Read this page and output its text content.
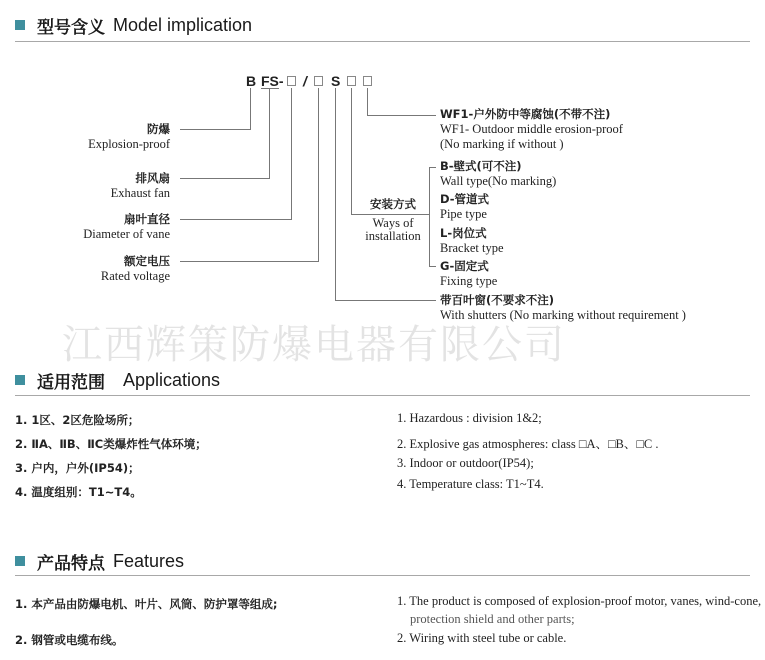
型号含义 Model implication
江西辉策防爆电器有限公司
B FS- / S
防爆
Explosion-proof
排风扇
Exhaust fan
扇叶直径
Diameter of vane
额定电压
Rated voltage
WF1-户外防中等腐蚀(不带不注)
WF1- Outdoor middle erosion-proof
(No marking if without )
安装方式
Ways of
installation
B-壁式(可不注)
Wall type(No marking)
D-管道式
Pipe type
L-岗位式
Bracket type
G-固定式
Fixing type
带百叶窗(不要求不注)
With shutters (No marking without requirement )
适用范围 Applications
1. 1区、2区危险场所；
2. ⅡA、ⅡB、ⅡC类爆炸性气体环境；
3. 户内，户外(IP54)；
4. 温度组别：T1~T4。
1. Hazardous : division 1&2;
2. Explosive gas atmospheres: class □A、□B、□C .
3. Indoor or outdoor(IP54);
4. Temperature class: T1~T4.
产品特点 Features
1. 本产品由防爆电机、叶片、风筒、防护罩等组成;
2. 钢管或电缆布线。
1. The product is composed of explosion-proof motor, vanes, wind-cone,
protection shield and other parts;
2. Wiring with steel tube or cable.
